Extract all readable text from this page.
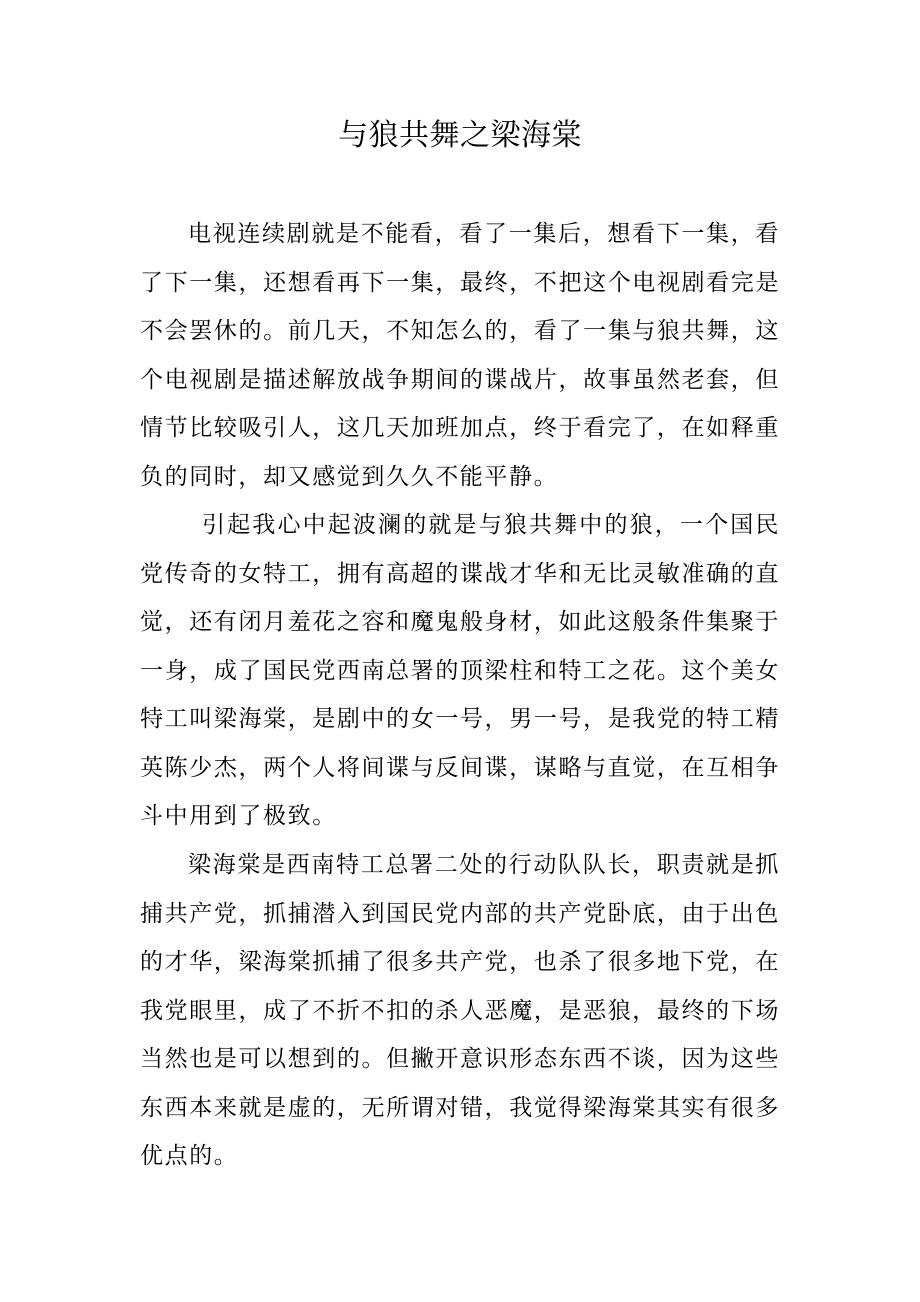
与狼共舞之梁海棠

电视连续剧就是不能看，看了一集后，想看下一集，看了下一集，还想看再下一集，最终，不把这个电视剧看完是不会罢休的。前几天，不知怎么的，看了一集与狼共舞，这个电视剧是描述解放战争期间的谍战片，故事虽然老套，但情节比较吸引人，这几天加班加点，终于看完了，在如释重负的同时，却又感觉到久久不能平静。

引起我心中起波澜的就是与狼共舞中的狼，一个国民党传奇的女特工，拥有高超的谍战才华和无比灵敏准确的直觉，还有闭月羞花之容和魔鬼般身材，如此这般条件集聚于一身，成了国民党西南总署的顶梁柱和特工之花。这个美女特工叫梁海棠，是剧中的女一号，男一号，是我党的特工精英陈少杰，两个人将间谍与反间谍，谋略与直觉，在互相争斗中用到了极致。

梁海棠是西南特工总署二处的行动队队长，职责就是抓捕共产党，抓捕潜入到国民党内部的共产党卧底，由于出色的才华，梁海棠抓捕了很多共产党，也杀了很多地下党，在我党眼里，成了不折不扣的杀人恶魔，是恶狼，最终的下场当然也是可以想到的。但撇开意识形态东西不谈，因为这些东西本来就是虚的，无所谓对错，我觉得梁海棠其实有很多优点的。
